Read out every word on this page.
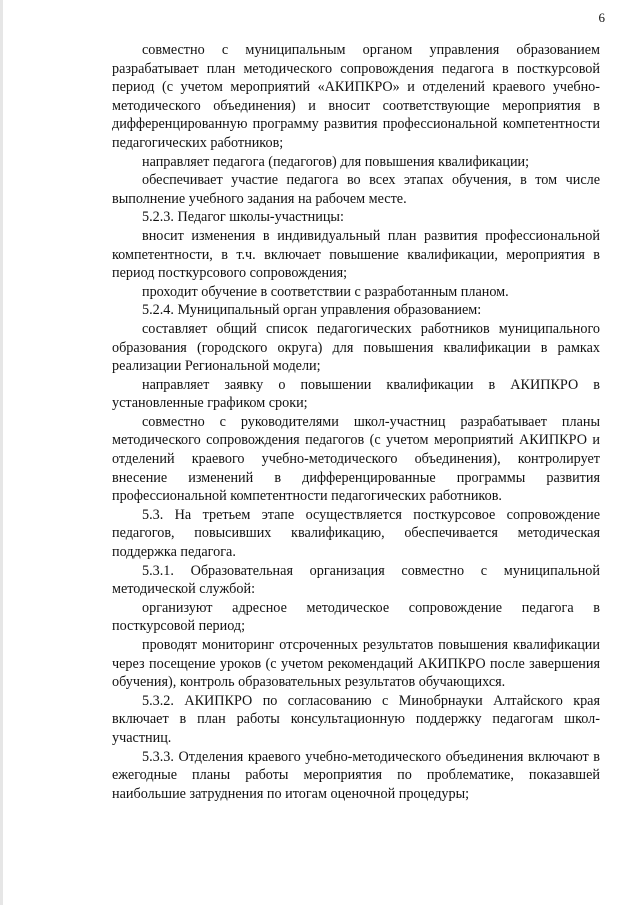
6

совместно с муниципальным органом управления образованием разрабатывает план методического сопровождения педагога в посткурсовой период (с учетом мероприятий «АКИПКРО» и отделений краевого учебно-методического объединения) и вносит соответствующие мероприятия в дифференцированную программу развития профессиональной компетентности педагогических работников;

направляет педагога (педагогов) для повышения квалификации;

обеспечивает участие педагога во всех этапах обучения, в том числе выполнение учебного задания на рабочем месте.

5.2.3. Педагог школы-участницы:

вносит изменения в индивидуальный план развития профессиональной компетентности, в т.ч. включает повышение квалификации, мероприятия в период посткурсового сопровождения;

проходит обучение в соответствии с разработанным планом.

5.2.4. Муниципальный орган управления образованием:

составляет общий список педагогических работников муниципального образования (городского округа) для повышения квалификации в рамках реализации Региональной модели;

направляет заявку о повышении квалификации в АКИПКРО в установленные графиком сроки;

совместно с руководителями школ-участниц разрабатывает планы методического сопровождения педагогов (с учетом мероприятий АКИПКРО и отделений краевого учебно-методического объединения), контролирует внесение изменений в дифференцированные программы развития профессиональной компетентности педагогических работников.

5.3. На третьем этапе осуществляется посткурсовое сопровождение педагогов, повысивших квалификацию, обеспечивается методическая поддержка педагога.

5.3.1. Образовательная организация совместно с муниципальной методической службой:

организуют адресное методическое сопровождение педагога в посткурсовой период;

проводят мониторинг отсроченных результатов повышения квалификации через посещение уроков (с учетом рекомендаций АКИПКРО после завершения обучения), контроль образовательных результатов обучающихся.

5.3.2. АКИПКРО по согласованию с Минобрнауки Алтайского края включает в план работы консультационную поддержку педагогам школ-участниц.

5.3.3. Отделения краевого учебно-методического объединения включают в ежегодные планы работы мероприятия по проблематике, показавшей наибольшие затруднения по итогам оценочной процедуры;
